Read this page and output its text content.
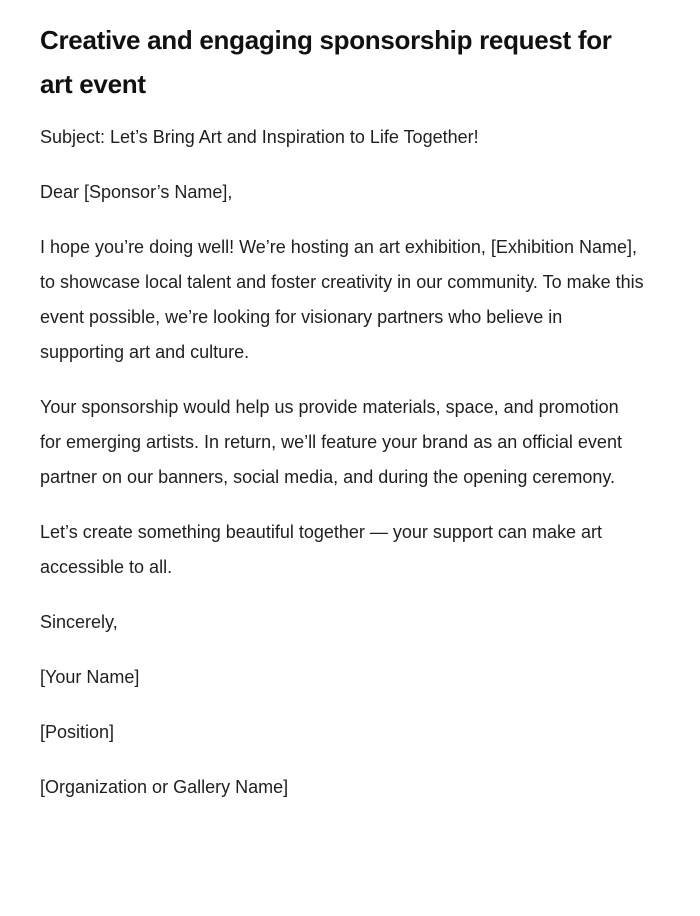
Creative and engaging sponsorship request for art event

Subject: Let’s Bring Art and Inspiration to Life Together!

Dear [Sponsor’s Name],

I hope you’re doing well! We’re hosting an art exhibition, [Exhibition Name], to showcase local talent and foster creativity in our community. To make this event possible, we’re looking for visionary partners who believe in supporting art and culture.

Your sponsorship would help us provide materials, space, and promotion for emerging artists. In return, we’ll feature your brand as an official event partner on our banners, social media, and during the opening ceremony.

Let’s create something beautiful together — your support can make art accessible to all.

Sincerely,

[Your Name]

[Position]

[Organization or Gallery Name]
